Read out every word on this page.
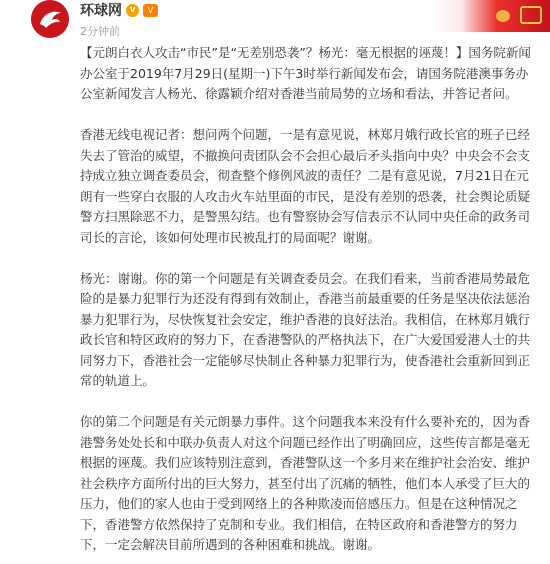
环球网 v	V
2分钟前

【元朗白衣人攻击“市民”是“无差别恐袭”？杨光：毫无根据的诬蔑！】国务院新闻办公室于2019年7月29日(星期一)下午3时举行新闻发布会，请国务院港澳事务办公室新闻发言人杨光、徐露颖介绍对香港当前局势的立场和看法，并答记者问。

香港无线电视记者：想问两个问题，一是有意见说，林郑月娥行政长官的班子已经失去了管治的威望，不撤换问责团队会不会担心最后矛头指向中央？中央会不会支持成立独立调查委员会，彻查整个修例风波的责任？二是有意见说，7月21日在元朗有一些穿白衣服的人攻击火车站里面的市民，是没有差别的恐袭，社会舆论质疑警方扫黑除恶不力，是警黑勾结。也有警察协会写信表示不认同中央任命的政务司司长的言论，该如何处理市民被乱打的局面呢？谢谢。

杨光：谢谢。你的第一个问题是有关调查委员会。在我们看来，当前香港局势最危险的是暴力犯罪行为还没有得到有效制止，香港当前最重要的任务是坚决依法惩治暴力犯罪行为，尽快恢复社会安定，维护香港的良好法治。我相信，在林郑月娥行政长官和特区政府的努力下，在香港警队的严格执法下，在广大爱国爱港人士的共同努力下，香港社会一定能够尽快制止各种暴力犯罪行为，使香港社会重新回到正常的轨道上。

你的第二个问题是有关元朗暴力事件。这个问题我本来没有什么要补充的，因为香港警务处处长和中联办负责人对这个问题已经作出了明确回应，这些传言都是毫无根据的诬蔑。我们应该特别注意到，香港警队这一个多月来在维护社会治安、维护社会秩序方面所付出的巨大努力，甚至付出了沉痛的牺牲，他们本人承受了巨大的压力，他们的家人也由于受到网络上的各种欺凌而倍感压力。但是在这种情况之下，香港警方依然保持了克制和专业。我们相信，在特区政府和香港警方的努力下，一定会解决目前所遇到的各种困难和挑战。谢谢。
